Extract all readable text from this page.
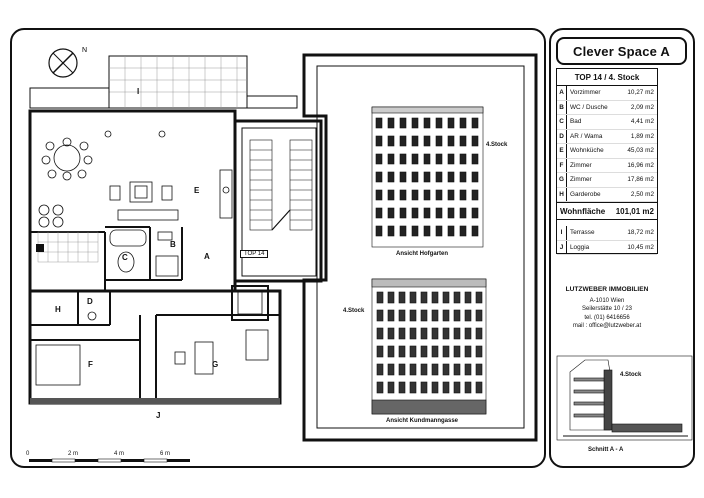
N
I
E
B
C	A
D
H
F	G
J
TOP 14
0	2 m	4 m	6 m
4.Stock
Ansicht Hofgarten
4.Stock
Ansicht Kundmanngasse
4.Stock
Schnitt A - A
Clever Space A
TOP 14 / 4. Stock
A Vorzimmer	10,27 m2
B WC / Dusche	2,09 m2
C Bad	4,41 m2
D AR / Wama	1,89 m2
E Wohnküche	45,03 m2
F	Zimmer	16,96 m2
G Zimmer	17,86 m2
H Garderobe	2,50 m2
Wohnfläche	101,01 m2
I	Terrasse	18,72 m2
J	Loggia	10,45 m2
LUTZWEBER IMMOBILIEN
A-1010 Wien
Seilerstätte 10 / 23
tel. (01) 6416656
mail : office@lutzweber.at
